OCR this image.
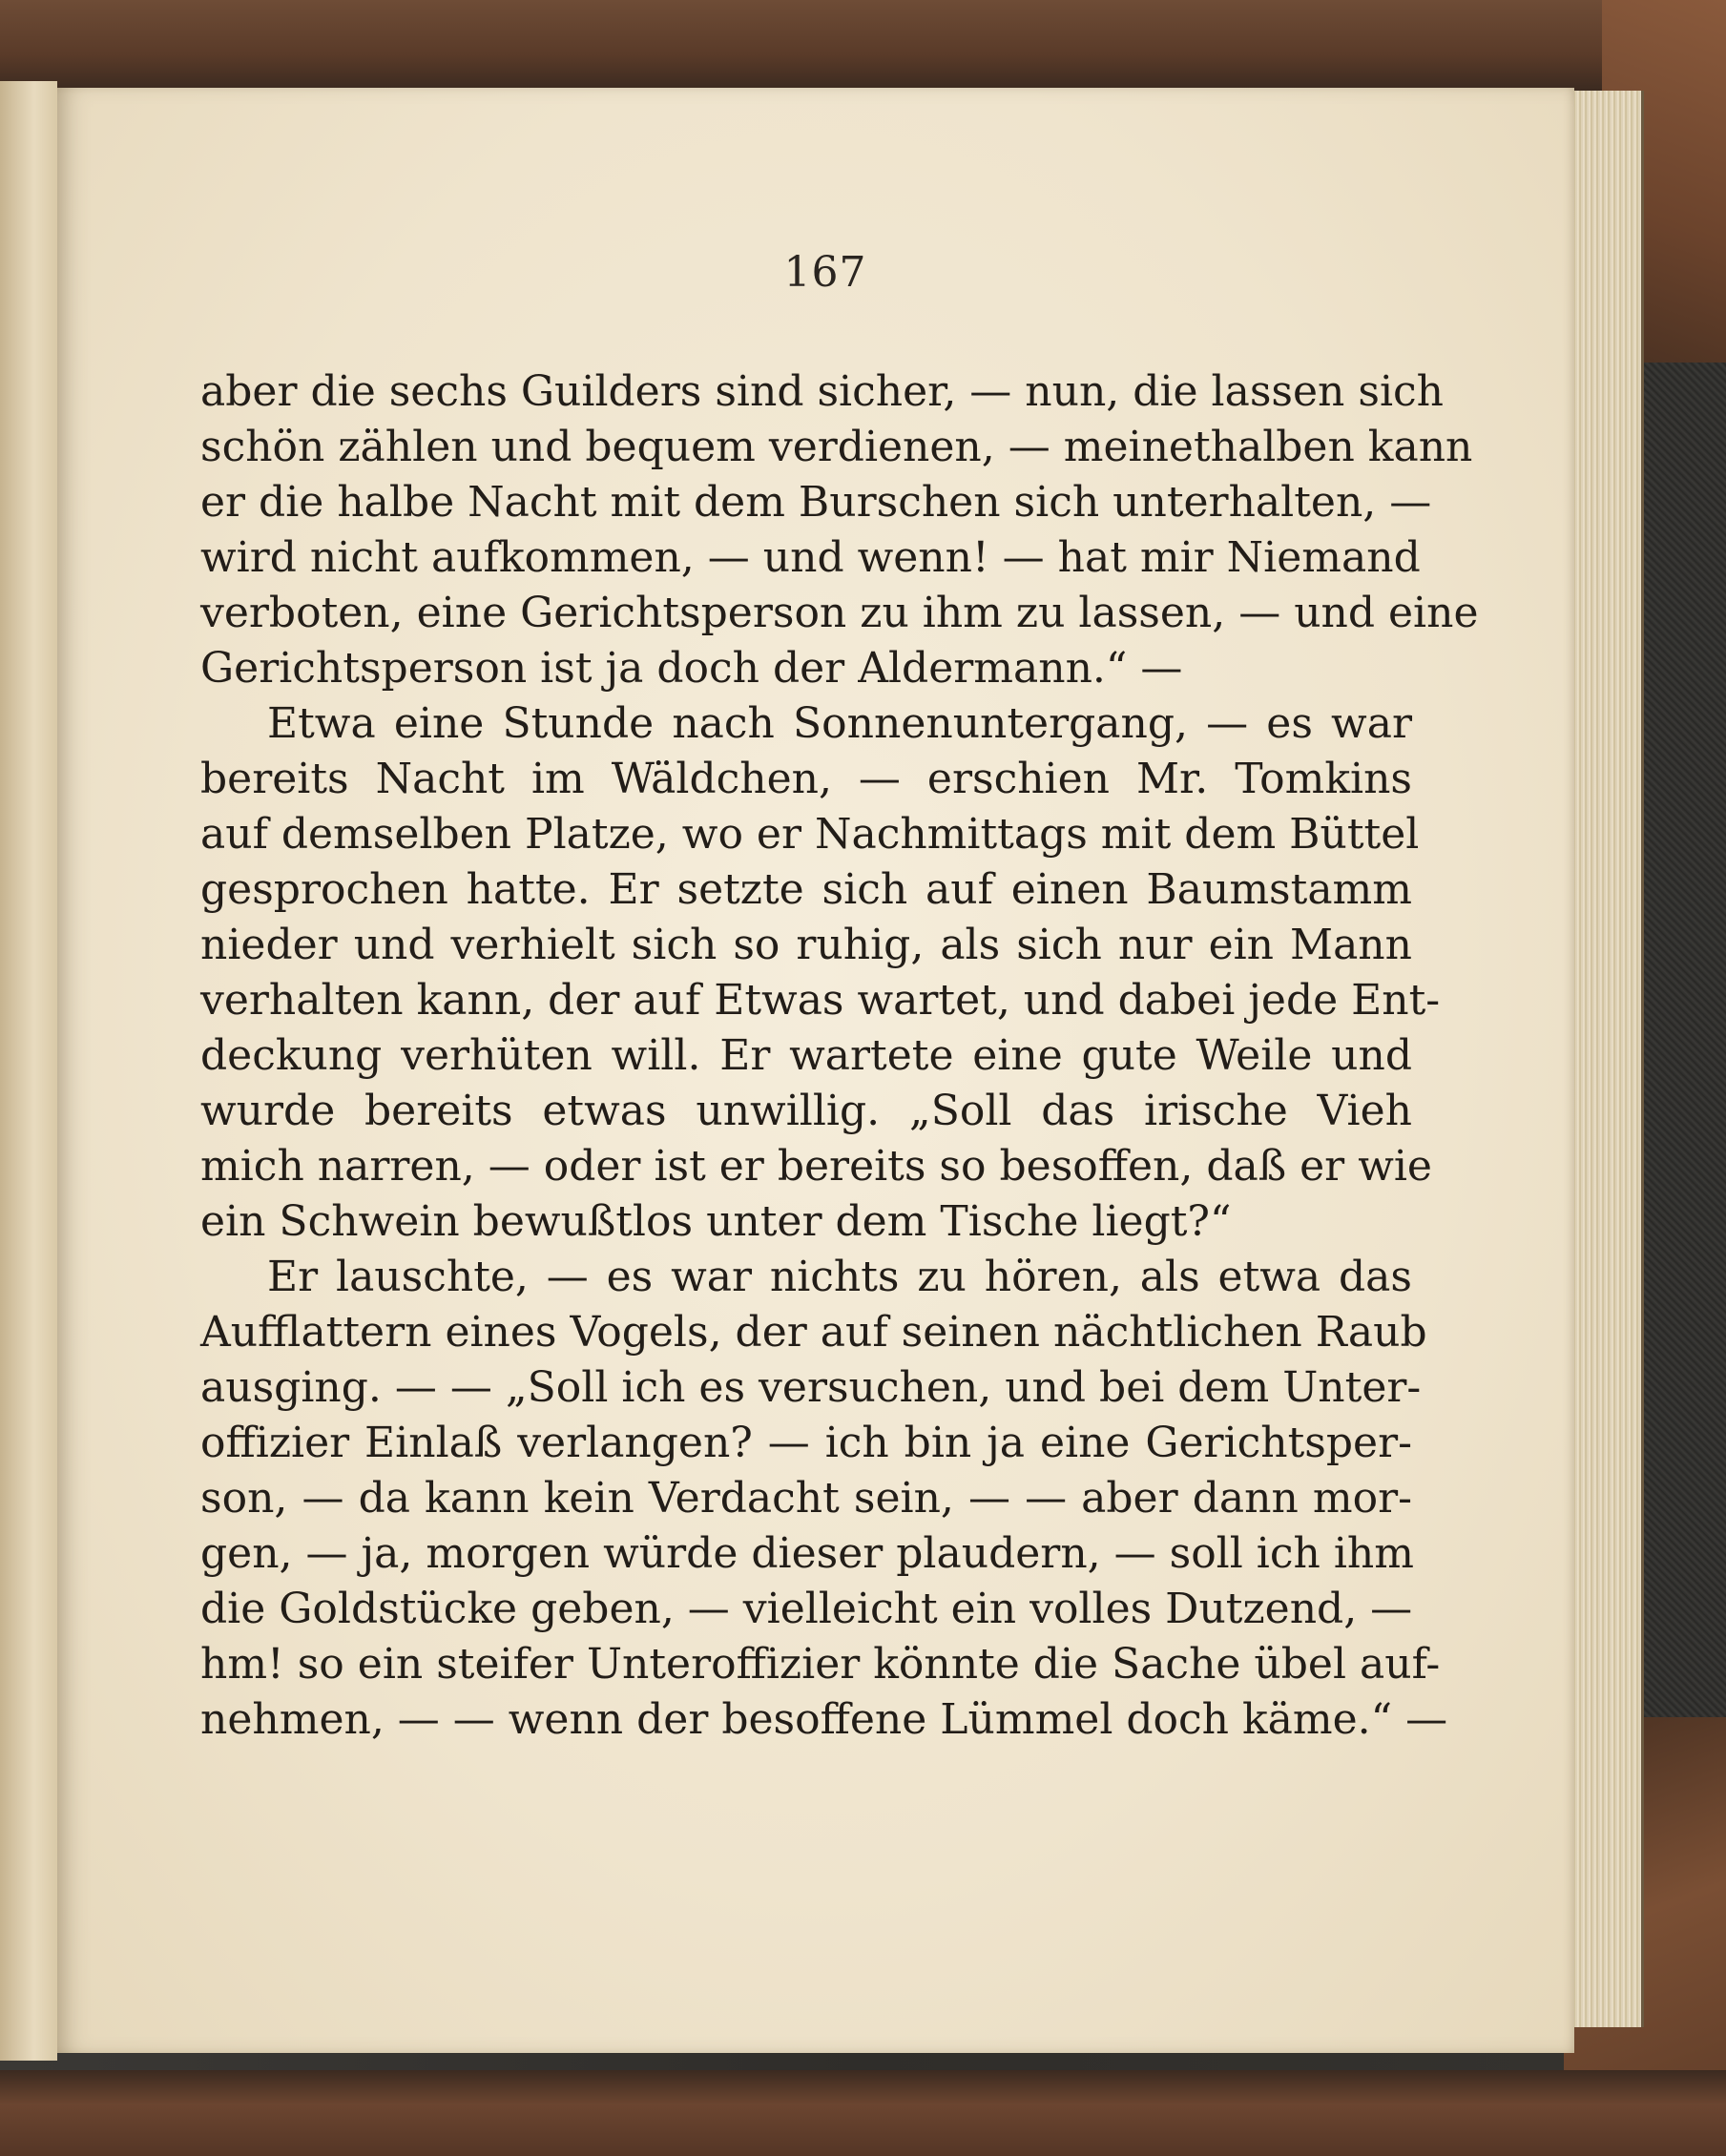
167
aber die sechs Guilders sind sicher, — nun, die lassen sich
schön zählen und bequem verdienen, — meinethalben kann
er die halbe Nacht mit dem Burschen sich unterhalten, —
wird nicht aufkommen, — und wenn! — hat mir Niemand
verboten, eine Gerichtsperson zu ihm zu lassen, — und eine
Gerichtsperson ist ja doch der Aldermann.“ —
Etwa eine Stunde nach Sonnenuntergang, — es war
bereits Nacht im Wäldchen, — erschien Mr. Tomkins
auf demselben Platze, wo er Nachmittags mit dem Büttel
gesprochen hatte. Er setzte sich auf einen Baumstamm
nieder und verhielt sich so ruhig, als sich nur ein Mann
verhalten kann, der auf Etwas wartet, und dabei jede Ent-
deckung verhüten will. Er wartete eine gute Weile und
wurde bereits etwas unwillig. „Soll das irische Vieh
mich narren, — oder ist er bereits so besoffen, daß er wie
ein Schwein bewußtlos unter dem Tische liegt?“
Er lauschte, — es war nichts zu hören, als etwa das
Aufflattern eines Vogels, der auf seinen nächtlichen Raub
ausging. — — „Soll ich es versuchen, und bei dem Unter-
offizier Einlaß verlangen? — ich bin ja eine Gerichtsper-
son, — da kann kein Verdacht sein, — — aber dann mor-
gen, — ja, morgen würde dieser plaudern, — soll ich ihm
die Goldstücke geben, — vielleicht ein volles Dutzend, —
hm! so ein steifer Unteroffizier könnte die Sache übel auf-
nehmen, — — wenn der besoffene Lümmel doch käme.“ —
